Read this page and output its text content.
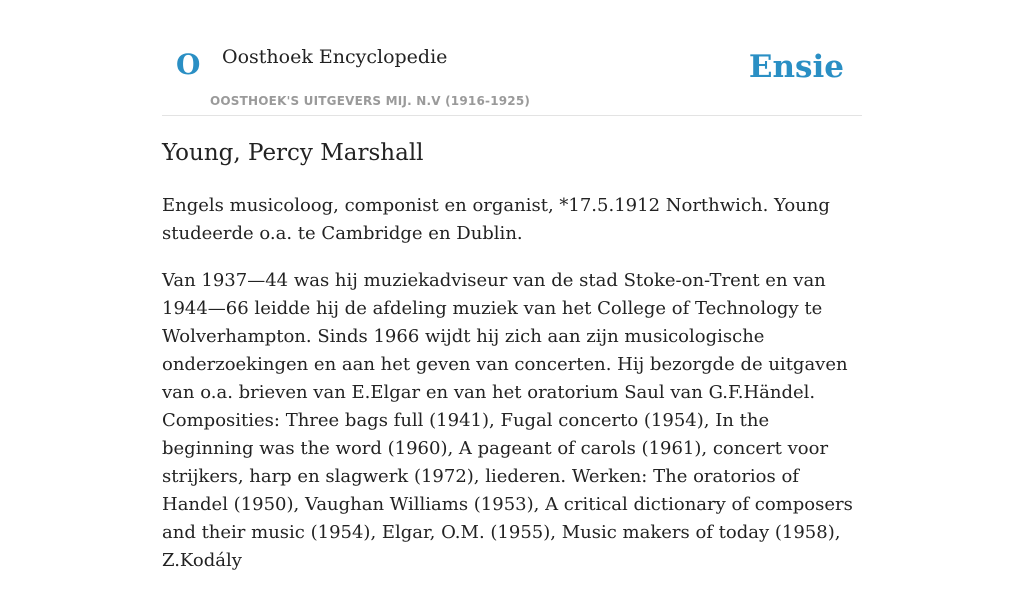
O Oosthoek Encyclopedie
OOSTHOEK'S UITGEVERS MIJ. N.V (1916-1925)
Ensie
Young, Percy Marshall

Engels musicoloog, componist en organist, *17.5.1912 Northwich. Young studeerde o.a. te Cambridge en Dublin.

Van 1937—44 was hij muziekadviseur van de stad Stoke-on-Trent en van 1944—66 leidde hij de afdeling muziek van het College of Technology te Wolverhampton. Sinds 1966 wijdt hij zich aan zijn musicologische onderzoekingen en aan het geven van concerten. Hij bezorgde de uitgaven van o.a. brieven van E.Elgar en van het oratorium Saul van G.F.Händel. Composities: Three bags full (1941), Fugal concerto (1954), In the beginning was the word (1960), A pageant of carols (1961), concert voor strijkers, harp en slagwerk (1972), liederen. Werken: The oratorios of Handel (1950), Vaughan Williams (1953), A critical dictionary of composers and their music (1954), Elgar, O.M. (1955), Music makers of today (1958), Z.Kodály
